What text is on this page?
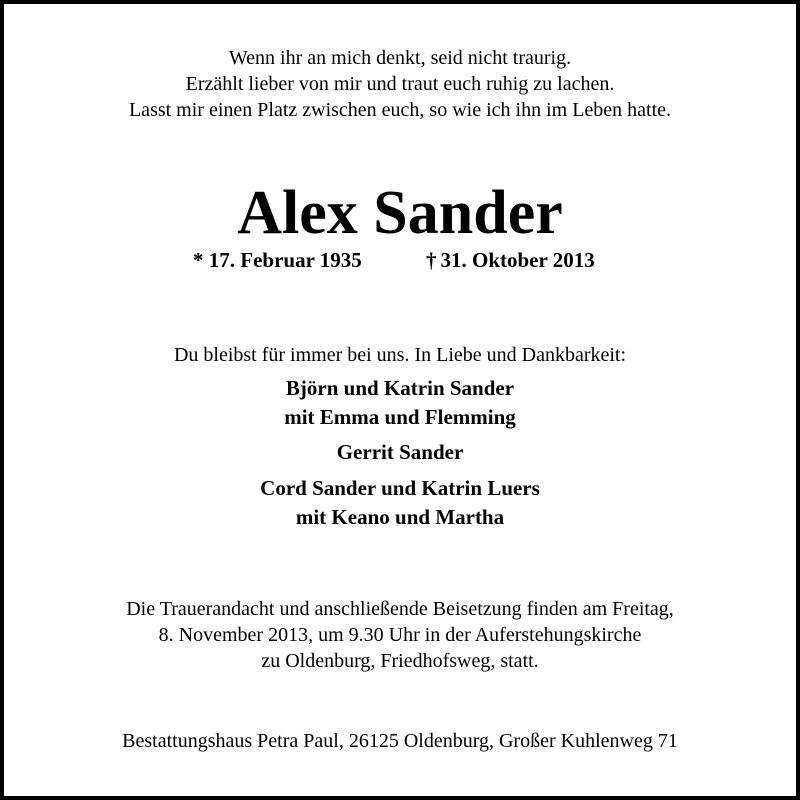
Wenn ihr an mich denkt, seid nicht traurig.
Erzählt lieber von mir und traut euch ruhig zu lachen.
Lasst mir einen Platz zwischen euch, so wie ich ihn im Leben hatte.
Alex Sander
* 17. Februar 1935	† 31. Oktober 2013
Du bleibst für immer bei uns. In Liebe und Dankbarkeit:
Björn und Katrin Sander
mit Emma und Flemming
Gerrit Sander
Cord Sander und Katrin Luers
mit Keano und Martha
Die Trauerandacht und anschließende Beisetzung finden am Freitag,
8. November 2013, um 9.30 Uhr in der Auferstehungskirche
zu Oldenburg, Friedhofsweg, statt.
Bestattungshaus Petra Paul, 26125 Oldenburg, Großer Kuhlenweg 71
